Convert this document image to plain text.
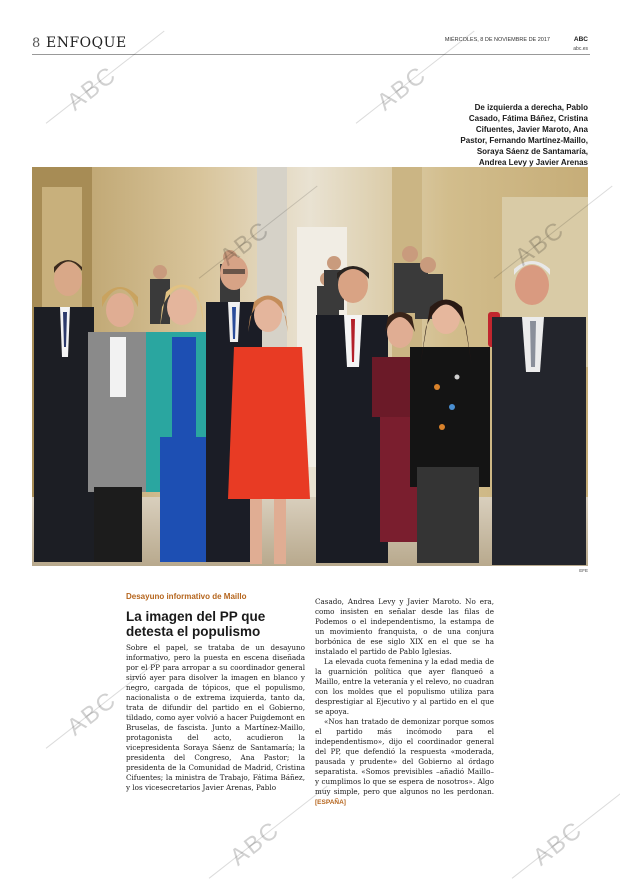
8 ENFOQUE	MIÉRCOLES, 8 DE NOVIEMBRE DE 2017	ABC
abc.es
De izquierda a derecha, Pablo Casado, Fátima Báñez, Cristina Cifuentes, Javier Maroto, Ana Pastor, Fernando Martínez-Maillo, Soraya Sáenz de Santamaría, Andrea Levy y Javier Arenas
EFE
Desayuno informativo de Maillo
La imagen del PP que detesta el populismo
Sobre el papel, se trataba de un desayuno informativo, pero la puesta en escena diseñada por el PP para arropar a su coordinador general sirvió ayer para disolver la imagen en blanco y negro, cargada de tópicos, que el populismo, nacionalista o de extrema izquierda, tanto da, trata de difundir del partido en el Gobierno, tildado, como ayer volvió a hacer Puigdemont en Bruselas, de fascista. Junto a Martínez-Maillo, protagonista del acto, acudieron la vicepresidenta Soraya Sáenz de Santamaría; la presidenta del Congreso, Ana Pastor; la presidenta de la Comunidad de Madrid, Cristina Cifuentes; la ministra de Trabajo, Fátima Báñez, y los vicesecretarios Javier Arenas, Pablo

Casado, Andrea Levy y Javier Maroto. No era, como insisten en señalar desde las filas de Podemos o el independentismo, la estampa de un movimiento franquista, o de una conjura borbónica de ese siglo XIX en el que se ha instalado el partido de Pablo Iglesias.

La elevada cuota femenina y la edad media de la guarnición política que ayer flanqueó a Maillo, entre la veteranía y el relevo, no cuadran con los moldes que el populismo utiliza para desprestigiar al Ejecutivo y al partido en el que se apoya.

«Nos han tratado de demonizar porque somos el partido más incómodo para el independentismo», dijo el coordinador general del PP, que defendió la respuesta «moderada, pausada y prudente» del Gobierno al órdago separatista. «Somos previsibles –añadió Maillo– y cumplimos lo que se espera de nosotros». Algo muy simple, pero que algunos no les perdonan. [ESPAÑA]

ABC	ABC
ABC	ABC
ABC
ABC	ABC
